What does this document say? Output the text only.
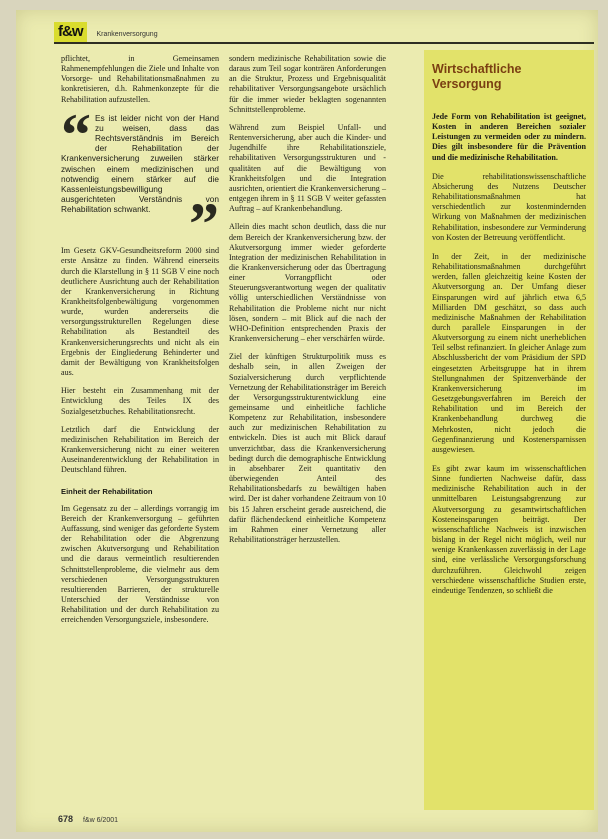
f&w	Krankenversorgung

pflichtet, in Gemeinsamen Rahmenempfehlungen die Ziele und Inhalte von Vorsorge- und Rehabilitationsmaßnahmen zu konkretisieren, d.h. Rahmenkonzepte für die Rehabilitation aufzustellen.

“ Es ist leider nicht von der Hand zu weisen, dass das Rechtsverständnis im Bereich der Rehabilitation der Krankenversicherung zuweilen stärker zwischen einem medizinischen und notwendig einem stärker auf die Kassenleistungsbewilligung ausgerichteten Verständnis von Rehabilitation schwankt. ”

Im Gesetz GKV-Gesundheitsreform 2000 sind erste Ansätze zu finden. Während einerseits durch die Klarstellung in § 11 SGB V eine noch deutlichere Ausrichtung auch der Rehabilitation der Krankenversicherung in Richtung Krankheitsfolgenbewältigung vorgenommen wurde, wurden andererseits die versorgungsstrukturellen Regelungen diese Rehabilitation als Bestandteil des Krankenversicherungsrechts und nicht als ein Ergebnis der Eingliederung Behinderter und damit der Bewältigung von Krankheitsfolgen aus.

Hier besteht ein Zusammenhang mit der Entwicklung des Teiles IX des Sozialgesetzbuches. Rehabilitationsrecht.

Letztlich darf die Entwicklung der medizinischen Rehabilitation im Bereich der Krankenversicherung nicht zu einer weiteren Auseinanderentwicklung der Rehabilitation in Deutschland führen.

Einheit der Rehabilitation

Im Gegensatz zu der – allerdings vorrangig im Bereich der Krankenversorgung – geführten Auffassung, sind weniger das geforderte System der Rehabilitation oder die Abgrenzung zwischen Akutversorgung und Rehabilitation und die daraus vermeintlich resultierenden Schnittstellenprobleme, die vielmehr aus dem verschiedenen Versorgungsstrukturen resultierenden Barrieren, der strukturelle Unterschied der Verständnisse von Rehabilitation und der durch Rehabilitation zu erreichenden Versorgungsziele, insbesondere.

sondern medizinische Rehabilitation sowie die daraus zum Teil sogar konträren Anforderungen an die Struktur, Prozess und Ergebnisqualität rehabilitativer Versorgungsangebote ursächlich für die immer wieder beklagten sogenannten Schnittstellenprobleme.

Während zum Beispiel Unfall- und Rentenversicherung, aber auch die Kinder- und Jugendhilfe ihre Rehabilitationsziele, rehabilitativen Versorgungsstrukturen und -qualitäten auf die Bewältigung von Krankheitsfolgen und die Integration ausrichten, orientiert die Krankenversicherung – entgegen ihrem in § 11 SGB V weiter gefassten Auftrag – auf Krankenbehandlung.

Allein dies macht schon deutlich, dass die nur dem Bereich der Krankenversicherung bzw. der Akutversorgung immer wieder geforderte Integration der medizinischen Rehabilitation in die Krankenversicherung oder das Übertragung einer Vorrangpflicht oder Steuerungsverantwortung wegen der qualitativ völlig unterschiedlichen Verständnisse von Rehabilitation die Probleme nicht nur nicht lösen, sondern – mit Blick auf die nach der WHO-Definition entsprechenden Praxis der Krankenversicherung – eher verschärfen würde.

Ziel der künftigen Strukturpolitik muss es deshalb sein, in allen Zweigen der Sozialversicherung durch verpflichtende Vernetzung der Rehabilitationsträger im Bereich der Versorgungsstrukturentwicklung eine gemeinsame und einheitliche fachliche Kompetenz zur Rehabilitation, insbesondere auch zur medizinischen Rehabilitation zu entwickeln. Dies ist auch mit Blick darauf unverzichtbar, dass die Krankenversicherung bedingt durch die demographische Entwicklung in absehbarer Zeit quantitativ den überwiegenden Anteil des Rehabilitationsbedarfs zu bewältigen haben wird. Der ist daher vorhandene Zeitraum von 10 bis 15 Jahren erscheint gerade ausreichend, die dafür flächendeckend einheitliche Kompetenz im Rahmen einer Vernetzung aller Rehabilitationsträger herzustellen.

Wirtschaftliche Versorgung

Jede Form von Rehabilitation ist geeignet, Kosten in anderen Bereichen sozialer Leistungen zu vermeiden oder zu mindern. Dies gilt insbesondere für die Prävention und die medizinische Rehabilitation.

Die rehabilitationswissenschaftliche Absicherung des Nutzens Deutscher Rehabilitationsmaßnahmen hat verschiedentlich zur kostenmindernden Wirkung von Maßnahmen der medizinischen Rehabilitation, insbesondere zur Verminderung von Kosten der Betreuung veröffentlicht.

In der Zeit, in der medizinische Rehabilitationsmaßnahmen durchgeführt werden, fallen gleichzeitig keine Kosten der Akutversorgung an. Der Umfang dieser Einsparungen wird auf jährlich etwa 6,5 Milliarden DM geschätzt, so dass auch medizinische Maßnahmen der Rehabilitation durch parallele Einsparungen in der Akutversorgung zu einem nicht unerheblichen Teil selbst refinanziert. In gleicher Anlage zum Abschlussbericht der vom Präsidium der SPD eingesetzten Arbeitsgruppe hat in ihrem Stellungnahmen der Spitzenverbände der Krankenversicherung im Gesetzgebungsverfahren im Bereich der Rehabilitation und im Bereich der Krankenbehandlung durchweg die Mehrkosten, nicht jedoch die Gegenfinanzierung und Kostenersparnissen ausgewiesen.

Es gibt zwar kaum im wissenschaftlichen Sinne fundierten Nachweise dafür, dass medizinische Rehabilitation auch in der unmittelbaren Leistungsabgrenzung zur Akutversorgung zu gesamtwirtschaftlichen Kosteneinsparungen beiträgt. Der wissenschaftliche Nachweis ist inzwischen bislang in der Regel nicht möglich, weil nur wenige Krankenkassen zuverlässig in der Lage sind, eine verlässliche Versorgungsforschung durchzuführen. Gleichwohl zeigen verschiedene wissenschaftliche Studien erste, eindeutige Tendenzen, so schließt die

678 f&w 6/2001
